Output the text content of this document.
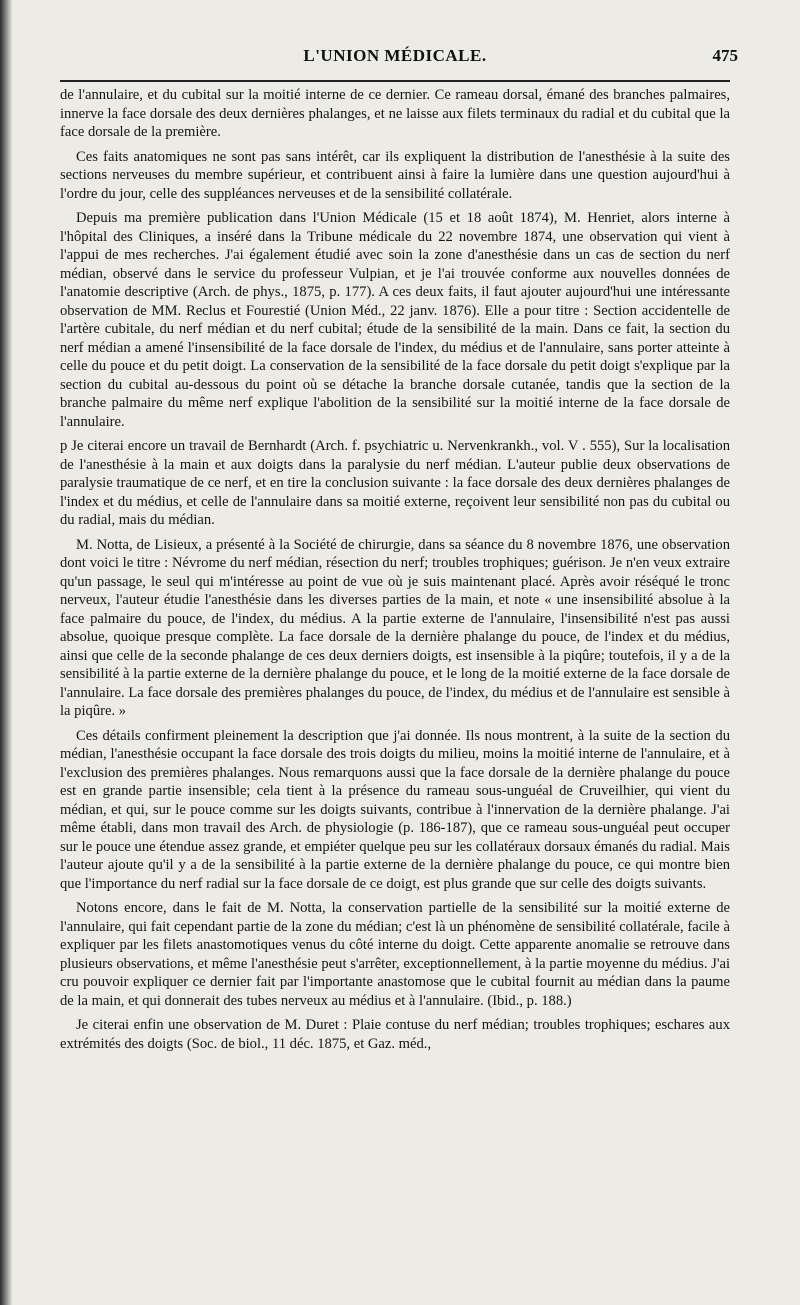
L'UNION MÉDICALE.	475

de l'annulaire, et du cubital sur la moitié interne de ce dernier. Ce rameau dorsal, émané des branches palmaires, innerve la face dorsale des deux dernières phalanges, et ne laisse aux filets terminaux du radial et du cubital que la face dorsale de la première.

Ces faits anatomiques ne sont pas sans intérêt, car ils expliquent la distribution de l'anesthésie à la suite des sections nerveuses du membre supérieur, et contribuent ainsi à faire la lumière dans une question aujourd'hui à l'ordre du jour, celle des suppléances nerveuses et de la sensibilité collatérale.

Depuis ma première publication dans l'Union Médicale (15 et 18 août 1874), M. Henriet, alors interne à l'hôpital des Cliniques, a inséré dans la Tribune médicale du 22 novembre 1874, une observation qui vient à l'appui de mes recherches. J'ai également étudié avec soin la zone d'anesthésie dans un cas de section du nerf médian, observé dans le service du professeur Vulpian, et je l'ai trouvée conforme aux nouvelles données de l'anatomie descriptive (Arch. de phys., 1875, p. 177). A ces deux faits, il faut ajouter aujourd'hui une intéressante observation de MM. Reclus et Fourestié (Union Méd., 22 janv. 1876). Elle a pour titre : Section accidentelle de l'artère cubitale, du nerf médian et du nerf cubital; étude de la sensibilité de la main. Dans ce fait, la section du nerf médian a amené l'insensibilité de la face dorsale de l'index, du médius et de l'annulaire, sans porter atteinte à celle du pouce et du petit doigt. La conservation de la sensibilité de la face dorsale du petit doigt s'explique par la section du cubital au-dessous du point où se détache la branche dorsale cutanée, tandis que la section de la branche palmaire du même nerf explique l'abolition de la sensibilité sur la moitié interne de la face dorsale de l'annulaire.

p Je citerai encore un travail de Bernhardt (Arch. f. psychiatric u. Nervenkrankh., vol. V . 555), Sur la localisation de l'anesthésie à la main et aux doigts dans la paralysie du nerf médian. L'auteur publie deux observations de paralysie traumatique de ce nerf, et en tire la conclusion suivante : la face dorsale des deux dernières phalanges de l'index et du médius, et celle de l'annulaire dans sa moitié externe, reçoivent leur sensibilité non pas du cubital ou du radial, mais du médian.

M. Notta, de Lisieux, a présenté à la Société de chirurgie, dans sa séance du 8 novembre 1876, une observation dont voici le titre : Névrome du nerf médian, résection du nerf; troubles trophiques; guérison. Je n'en veux extraire qu'un passage, le seul qui m'intéresse au point de vue où je suis maintenant placé. Après avoir réséqué le tronc nerveux, l'auteur étudie l'anesthésie dans les diverses parties de la main, et note « une insensibilité absolue à la face palmaire du pouce, de l'index, du médius. A la partie externe de l'annulaire, l'insensibilité n'est pas aussi absolue, quoique presque complète. La face dorsale de la dernière phalange du pouce, de l'index et du médius, ainsi que celle de la seconde phalange de ces deux derniers doigts, est insensible à la piqûre; toutefois, il y a de la sensibilité à la partie externe de la dernière phalange du pouce, et le long de la moitié externe de la face dorsale de l'annulaire. La face dorsale des premières phalanges du pouce, de l'index, du médius et de l'annulaire est sensible à la piqûre. »

Ces détails confirment pleinement la description que j'ai donnée. Ils nous montrent, à la suite de la section du médian, l'anesthésie occupant la face dorsale des trois doigts du milieu, moins la moitié interne de l'annulaire, et à l'exclusion des premières phalanges. Nous remarquons aussi que la face dorsale de la dernière phalange du pouce est en grande partie insensible; cela tient à la présence du rameau sous-unguéal de Cruveilhier, qui vient du médian, et qui, sur le pouce comme sur les doigts suivants, contribue à l'innervation de la dernière phalange. J'ai même établi, dans mon travail des Arch. de physiologie (p. 186-187), que ce rameau sous-unguéal peut occuper sur le pouce une étendue assez grande, et empiéter quelque peu sur les collatéraux dorsaux émanés du radial. Mais l'auteur ajoute qu'il y a de la sensibilité à la partie externe de la dernière phalange du pouce, ce qui montre bien que l'importance du nerf radial sur la face dorsale de ce doigt, est plus grande que sur celle des doigts suivants.

Notons encore, dans le fait de M. Notta, la conservation partielle de la sensibilité sur la moitié externe de l'annulaire, qui fait cependant partie de la zone du médian; c'est là un phénomène de sensibilité collatérale, facile à expliquer par les filets anastomotiques venus du côté interne du doigt. Cette apparente anomalie se retrouve dans plusieurs observations, et même l'anesthésie peut s'arrêter, exceptionnellement, à la partie moyenne du médius. J'ai cru pouvoir expliquer ce dernier fait par l'importante anastomose que le cubital fournit au médian dans la paume de la main, et qui donnerait des tubes nerveux au médius et à l'annulaire. (Ibid., p. 188.)

Je citerai enfin une observation de M. Duret : Plaie contuse du nerf médian; troubles trophiques; eschares aux extrémités des doigts (Soc. de biol., 11 déc. 1875, et Gaz. méd.,
